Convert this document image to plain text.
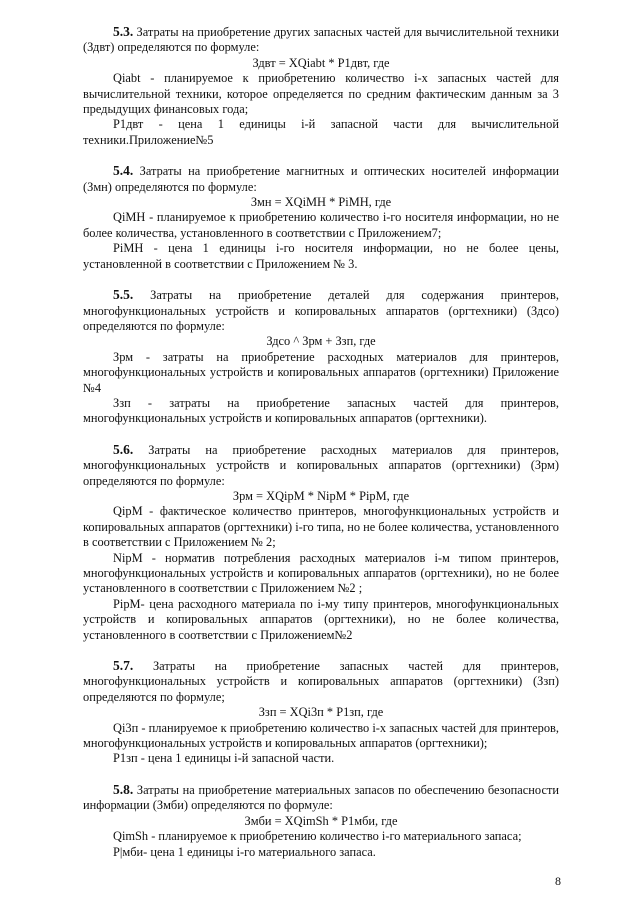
5.3. Затраты на приобретение других запасных частей для вычислительной техники (Здвт) определяются по формуле:

Здвт = XQiabt * P1двт, где

Qiabt - планируемое к приобретению количество i-х запасных частей для вычислительной техники, которое определяется по средним фактическим данным за 3 предыдущих финансовых года;

P1двт - цена 1 единицы i-й запасной части для вычислительной техники.Приложение№5

5.4. Затраты на приобретение магнитных и оптических носителей информации (Змн) определяются по формуле:

Змн = XQiMH * PiMH, где

QiMH - планируемое к приобретению количество i-го носителя информации, но не более количества, установленного в соответствии с Приложением7;

PiMH - цена 1 единицы i-го носителя информации, но не более цены, установленной в соответствии с Приложением № 3.

5.5. Затраты на приобретение деталей для содержания принтеров, многофункциональных устройств и копировальных аппаратов (оргтехники) (Здсо) определяются по формуле:

Здсо ^ Зрм + Ззп, где

Зрм - затраты на приобретение расходных материалов для принтеров, многофункциональных устройств и копировальных аппаратов (оргтехники) Приложение №4

Ззп - затраты на приобретение запасных частей для принтеров, многофункциональных устройств и копировальных аппаратов (оргтехники).

5.6. Затраты на приобретение расходных материалов для принтеров, многофункциональных устройств и копировальных аппаратов (оргтехники) (Зрм) определяются по формуле:

Зрм = XQipM * NipM * PipM, где

QipM - фактическое количество принтеров, многофункциональных устройств и копировальных аппаратов (оргтехники) i-го типа, но не более количества, установленного в соответствии с Приложением № 2;

NipM - норматив потребления расходных материалов i-м типом принтеров, многофункциональных устройств и копировальных аппаратов (оргтехники), но не более установленного в соответствии с Приложением №2 ;

PipM- цена расходного материала по i-му типу принтеров, многофункциональных устройств и копировальных аппаратов (оргтехники), но не более количества, установленного в соответствии с Приложением№2

5.7. Затраты на приобретение запасных частей для принтеров, многофункциональных устройств и копировальных аппаратов (оргтехники) (Ззп) определяются по формуле;

Ззп = XQi3п * P1зп, где

Qi3п - планируемое к приобретению количество i-х запасных частей для принтеров, многофункциональных устройств и копировальных аппаратов (оргтехники);

P1зп - цена 1 единицы i-й запасной части.

5.8. Затраты на приобретение материальных запасов по обеспечению безопасности информации (Змби) определяются по формуле:

Змби = XQimSh * P1мби, где

QimSh - планируемое к приобретению количество i-го материального запаса;

P|мби- цена 1 единицы i-го материального запаса.

8
